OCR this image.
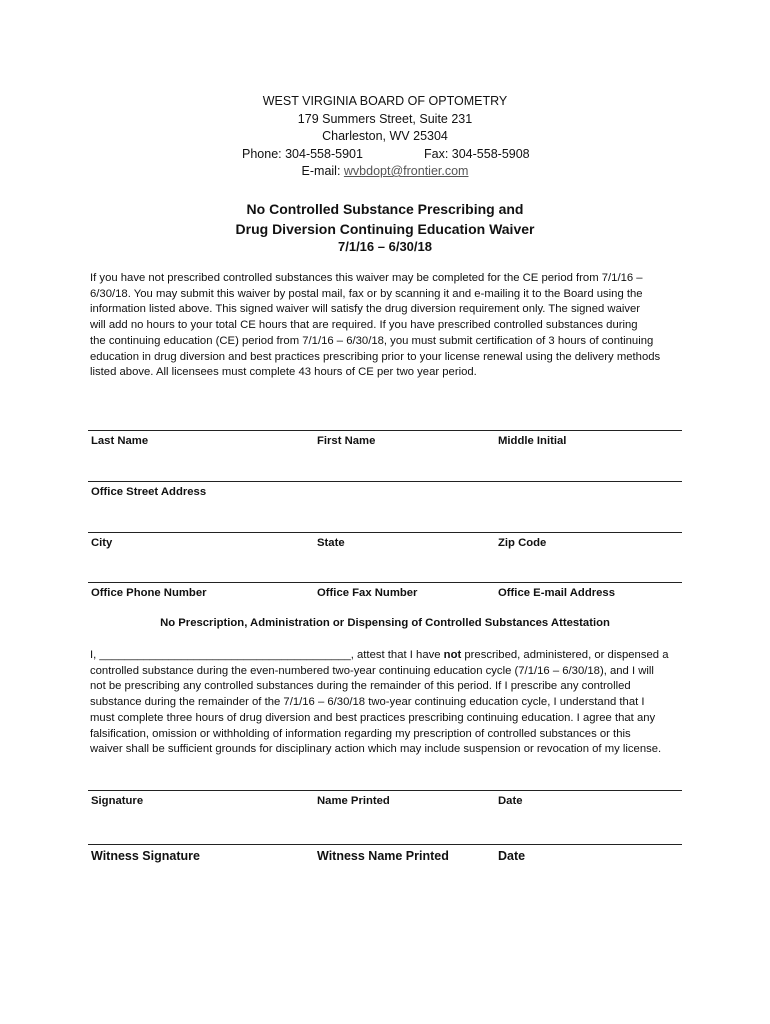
WEST VIRGINIA BOARD OF OPTOMETRY
179 Summers Street, Suite 231
Charleston, WV 25304
Phone: 304-558-5901	Fax: 304-558-5908
E-mail: wvbdopt@frontier.com
No Controlled Substance Prescribing and
Drug Diversion Continuing Education Waiver
7/1/16 – 6/30/18
If you have not prescribed controlled substances this waiver may be completed for the CE period from 7/1/16 –
6/30/18. You may submit this waiver by postal mail, fax or by scanning it and e-mailing it to the Board using the
information listed above. This signed waiver will satisfy the drug diversion requirement only. The signed waiver
will add no hours to your total CE hours that are required. If you have prescribed controlled substances during
the continuing education (CE) period from 7/1/16 – 6/30/18, you must submit certification of 3 hours of continuing
education in drug diversion and best practices prescribing prior to your license renewal using the delivery methods
listed above. All licensees must complete 43 hours of CE per two year period.
Last Name	First Name	Middle Initial
Office Street Address
City	State	Zip Code
Office Phone Number	Office Fax Number	Office E-mail Address
No Prescription, Administration or Dispensing of Controlled Substances Attestation
I, ________________________________________, attest that I have not prescribed, administered, or dispensed a
controlled substance during the even-numbered two-year continuing education cycle (7/1/16 – 6/30/18), and I will
not be prescribing any controlled substances during the remainder of this period. If I prescribe any controlled
substance during the remainder of the 7/1/16 – 6/30/18 two-year continuing education cycle, I understand that I
must complete three hours of drug diversion and best practices prescribing continuing education. I agree that any
falsification, omission or withholding of information regarding my prescription of controlled substances or this
waiver shall be sufficient grounds for disciplinary action which may include suspension or revocation of my license.
Signature	Name Printed	Date
Witness Signature	Witness Name Printed	Date
